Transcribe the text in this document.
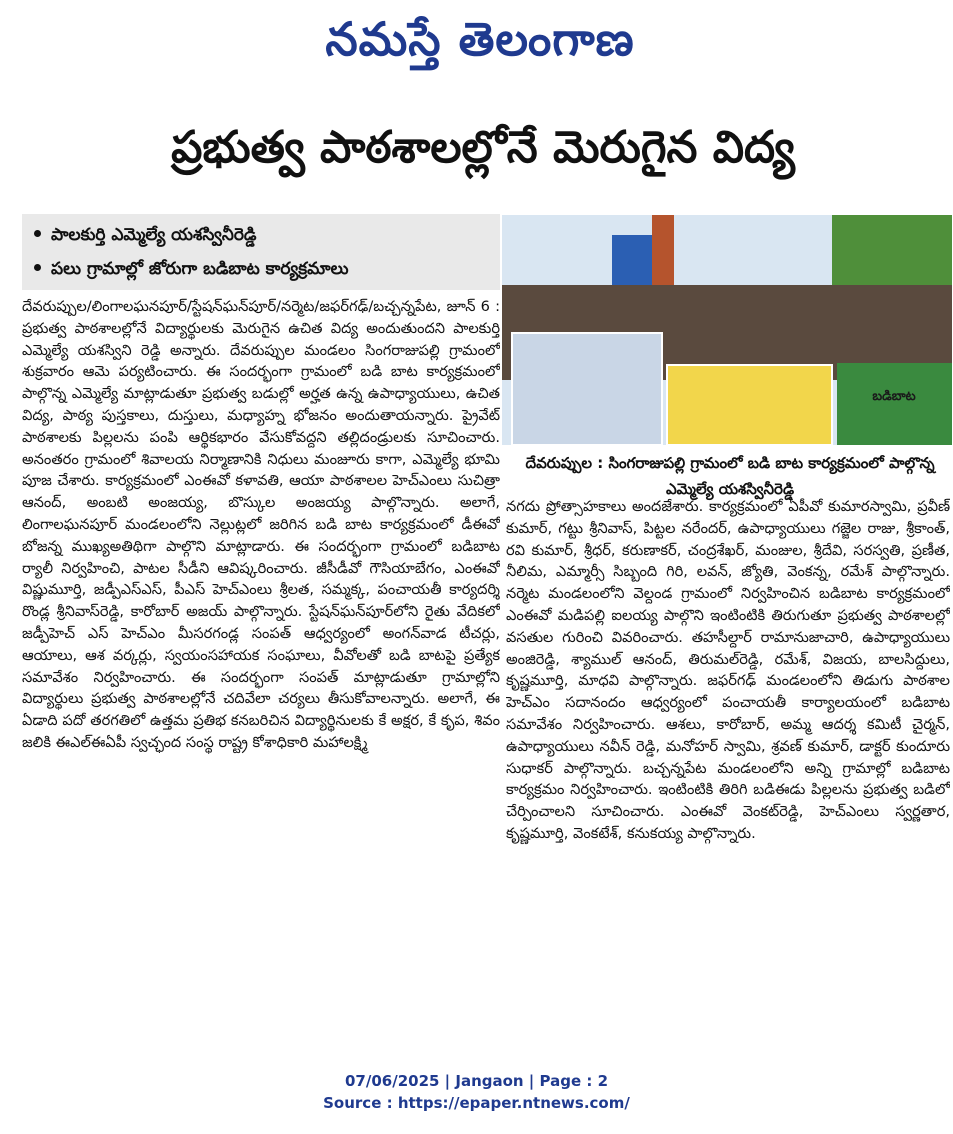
నమస్తే తెలంగాణ
ప్రభుత్వ పాఠశాలల్లోనే మెరుగైన విద్య
పాలకుర్తి ఎమ్మెల్యే యశస్వినీరెడ్డి
పలు గ్రామాల్లో జోరుగా బడిబాట కార్యక్రమాలు
దేవరుప్పుల/లింగాలఘనపూర్/స్టేషన్‌ఘన్‌పూర్/నర్మెట/జఫర్‌గఢ్/బచ్చన్నపేట, జూన్ 6 : ప్రభుత్వ పాఠశాలల్లోనే విద్యార్థులకు మెరుగైన ఉచిత విద్య అందుతుందని పాలకుర్తి ఎమ్మెల్యే యశస్విని రెడ్డి అన్నారు. దేవరుప్పుల మండలం సింగరాజుపల్లి గ్రామంలో శుక్రవారం ఆమె పర్యటించారు. ఈ సందర్భంగా గ్రామంలో బడి బాట కార్యక్రమంలో పాల్గొన్న ఎమ్మెల్యే మాట్లాడుతూ ప్రభుత్వ బడుల్లో అర్హత ఉన్న ఉపాధ్యాయులు, ఉచిత విద్య, పాఠ్య పుస్తకాలు, దుస్తులు, మధ్యాహ్న భోజనం అందుతాయన్నారు. ప్రైవేట్ పాఠశాలకు పిల్లలను పంపి ఆర్థికభారం వేసుకోవద్దని తల్లిదండ్రులకు సూచించారు. అనంతరం గ్రామంలో శివాలయ నిర్మాణానికి నిధులు మంజూరు కాగా, ఎమ్మెల్యే భూమి పూజ చేశారు. కార్యక్రమంలో ఎంఈవో కళావతి, ఆయా పాఠశాలల హెచ్‌ఎంలు సుచిత్రా ఆనంద్, అంబటి అంజయ్య, బొస్కుల అంజయ్య పాల్గొన్నారు. అలాగే, లింగాలఘనపూర్ మండలంలోని నెల్లుట్లలో జరిగిన బడి బాట కార్యక్రమంలో డీఈవో బోజన్న ముఖ్యఅతిథిగా పాల్గొని మాట్లాడారు. ఈ సందర్భంగా గ్రామంలో బడిబాట ర్యాలీ నిర్వహించి, పాటల సీడీని ఆవిష్కరించారు. జీసీడీవో గౌసియాబేగం, ఎంఈవో విష్ణుమూర్తి, జడ్పీఎస్‌ఎస్, పీఎస్ హెచ్‌ఎంలు శ్రీలత, సమ్మక్క, పంచాయతీ కార్యదర్శి రొండ్ల శ్రీనివాస్‌రెడ్డి, కారోబార్ అజయ్ పాల్గొన్నారు. స్టేషన్‌ఘన్‌పూర్‌లోని రైతు వేదికలో జడ్పీహెచ్ ఎస్ హెచ్‌ఎం మీసరగండ్ల సంపత్ ఆధ్వర్యంలో అంగన్‌వాడ టీచర్లు, ఆయాలు, ఆశ వర్కర్లు, స్వయంసహాయక సంఘాలు, వీవోలతో బడి బాటపై ప్రత్యేక సమావేశం నిర్వహించారు. ఈ సందర్భంగా సంపత్ మాట్లాడుతూ గ్రామాల్లోని విద్యార్థులు ప్రభుత్వ పాఠశాలల్లోనే చదివేలా చర్యలు తీసుకోవాలన్నారు. అలాగే, ఈ ఏడాది పదో తరగతిలో ఉత్తమ ప్రతిభ కనబరిచిన విద్యార్థినులకు కే అక్షర, కే కృప, శివం జలికి ఈఎల్‌ఈఏపీ స్వచ్ఛంద సంస్థ రాష్ట్ర కోశాధికారి మహాలక్ష్మి
బడిబాట
దేవరుప్పుల : సింగరాజుపల్లి గ్రామంలో బడి బాట కార్యక్రమంలో పాల్గొన్న ఎమ్మెల్యే యశస్వినీరెడ్డి
నగదు ప్రోత్సాహకాలు అందజేశారు. కార్యక్రమంలో ఏపీవో కుమారస్వామి, ప్రవీణ్ కుమార్, గట్టు శ్రీనివాస్, పిట్టల నరేందర్, ఉపాధ్యాయులు గజ్జెల రాజు, శ్రీకాంత్, రవి కుమార్, శ్రీధర్, కరుణాకర్, చంద్రశేఖర్, మంజుల, శ్రీదేవి, సరస్వతి, ప్రణీత, నీలిమ, ఎమ్మార్సీ సిబ్బంది గిరి, లవన్, జ్యోతి, వెంకన్న, రమేశ్ పాల్గొన్నారు. నర్మెట మండలంలోని వెల్దండ గ్రామంలో నిర్వహించిన బడిబాట కార్యక్రమంలో ఎంఈవో మడిపల్లి ఐలయ్య పాల్గొని ఇంటింటికి తిరుగుతూ ప్రభుత్వ పాఠశాలల్లో వసతుల గురించి వివరించారు. తహసీల్దార్ రామానుజాచారి, ఉపాధ్యాయులు అంజిరెడ్డి, శ్యాముల్ ఆనంద్, తిరుమల్‌రెడ్డి, రమేశ్, విజయ, బాలసిద్దులు, కృష్ణమూర్తి, మాధవి పాల్గొన్నారు. జఫర్‌గఢ్ మండలంలోని తిడుగు పాఠశాల హెచ్‌ఎం సదానందం ఆధ్వర్యంలో పంచాయతీ కార్యాలయంలో బడిబాట సమావేశం నిర్వహించారు. ఆశలు, కారోబార్, అమ్మ ఆదర్శ కమిటీ చైర్మన్, ఉపాధ్యాయులు నవీన్ రెడ్డి, మనోహర్ స్వామి, శ్రవణ్ కుమార్, డాక్టర్ కుందూరు సుధాకర్ పాల్గొన్నారు. బచ్చన్నపేట మండలంలోని అన్ని గ్రామాల్లో బడిబాట కార్యక్రమం నిర్వహించారు. ఇంటింటికి తిరిగి బడిఈడు పిల్లలను ప్రభుత్వ బడిలో చేర్పించాలని సూచించారు. ఎంఈవో వెంకట్‌రెడ్డి, హెచ్‌ఎంలు స్వర్ణతార, కృష్ణమూర్తి, వెంకటేశ్, కనుకయ్య పాల్గొన్నారు.
07/06/2025 | Jangaon | Page : 2
Source : https://epaper.ntnews.com/
